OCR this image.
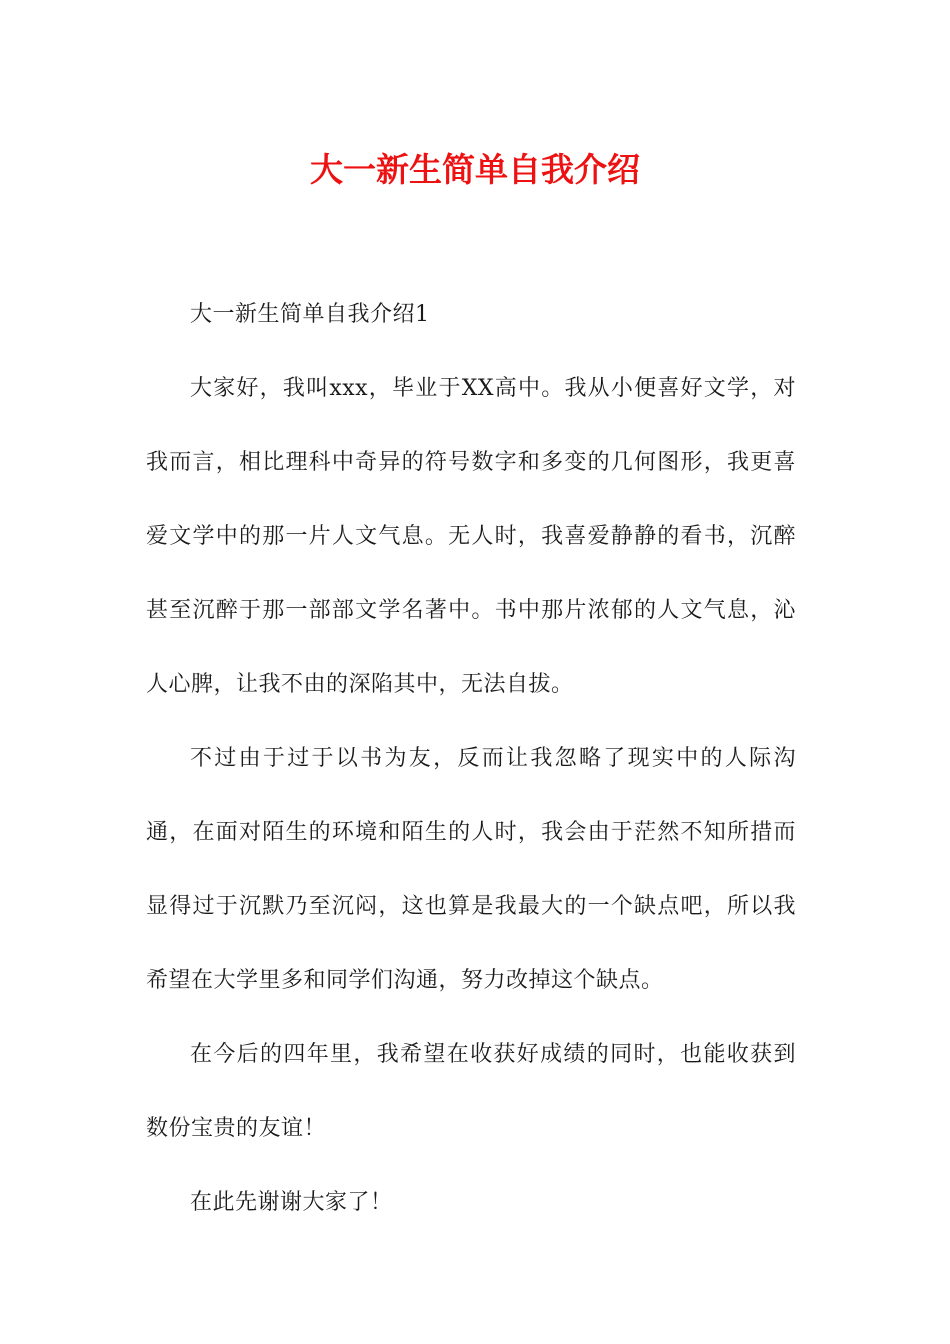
大一新生简单自我介绍

大一新生简单自我介绍1

大家好，我叫xxx，毕业于XX高中。我从小便喜好文学，对我而言，相比理科中奇异的符号数字和多变的几何图形，我更喜爱文学中的那一片人文气息。无人时，我喜爱静静的看书，沉醉甚至沉醉于那一部部文学名著中。书中那片浓郁的人文气息，沁人心脾，让我不由的深陷其中，无法自拔。

不过由于过于以书为友，反而让我忽略了现实中的人际沟通，在面对陌生的环境和陌生的人时，我会由于茫然不知所措而显得过于沉默乃至沉闷，这也算是我最大的一个缺点吧，所以我希望在大学里多和同学们沟通，努力改掉这个缺点。

在今后的四年里，我希望在收获好成绩的同时，也能收获到数份宝贵的友谊！

在此先谢谢大家了！
